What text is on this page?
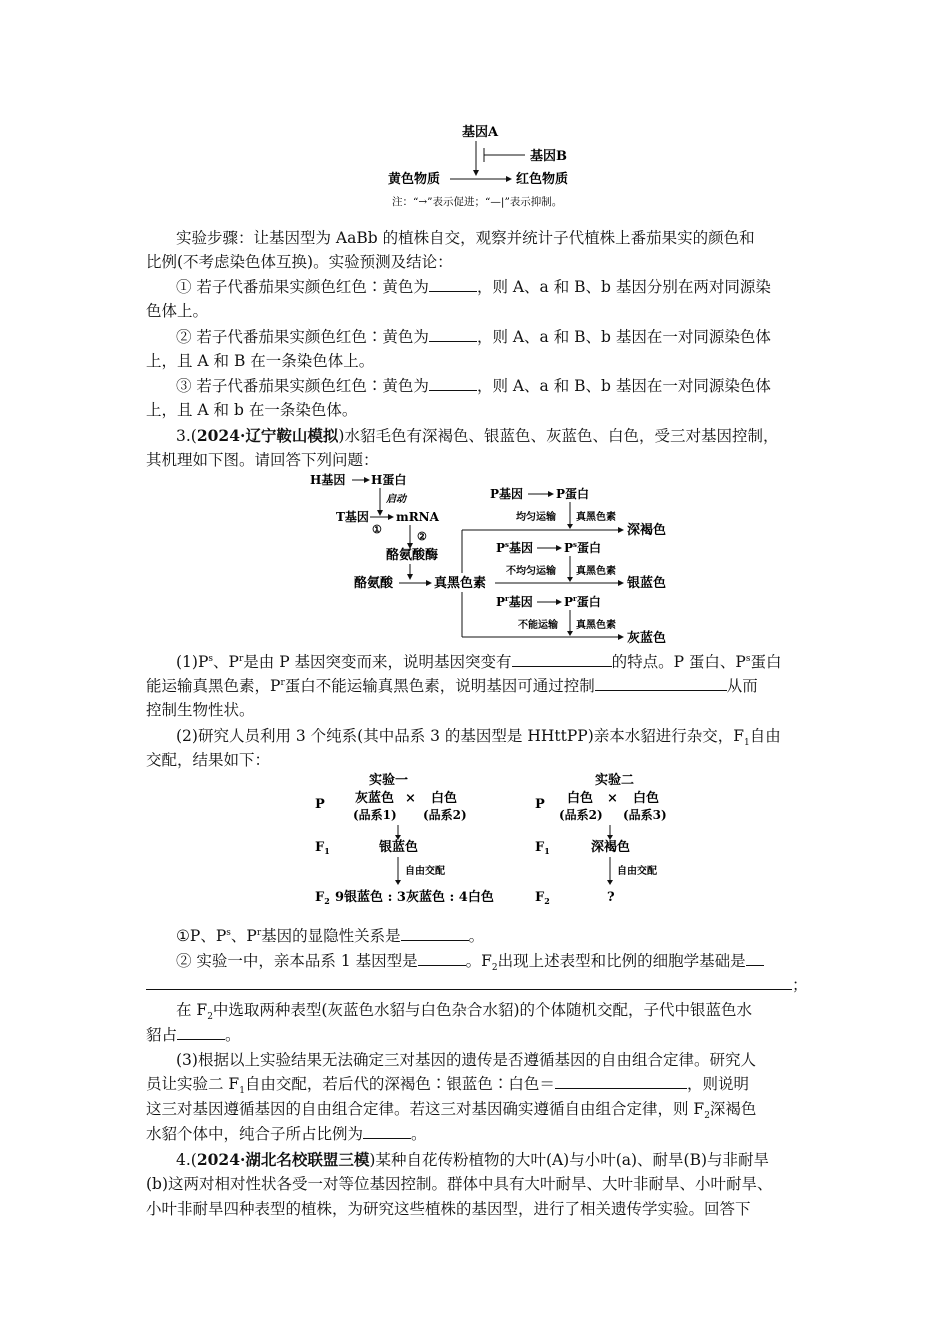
基因A
基因B
黄色物质	红色物质
注：“→”表示促进；“—|”表示抑制。
实验步骤：让基因型为 AaBb 的植株自交，观察并统计子代植株上番茄果实的颜色和
比例(不考虑染色体互换)。实验预测及结论：
① 若子代番茄果实颜色红色∶黄色为	，则 A、a 和 B、b 基因分别在两对同源染
色体上。
② 若子代番茄果实颜色红色∶黄色为	，则 A、a 和 B、b 基因在一对同源染色体
上，且 A 和 B 在一条染色体上。
③ 若子代番茄果实颜色红色∶黄色为	，则 A、a 和 B、b 基因在一对同源染色体
上，且 A 和 b 在一条染色体。
3.(2024·辽宁鞍山模拟)水貂毛色有深褐色、银蓝色、灰蓝色、白色，受三对基因控制，
其机理如下图。请回答下列问题：
H基因 H蛋白
启动
T基因
①
mRNA
②
酪氨酸酶
酪氨酸	真黑色素
P基因	P蛋白
均匀运输 真黑色素
深褐色
$P^s$基因	$P^s$蛋白
不均匀运输 真黑色素
银蓝色
$P^r$基因	$P^r$蛋白
不能运输 真黑色素
灰蓝色
$(1)P^s$、$P^r$是由 P 基因突变而来，说明基因突变有	的特点。P 蛋白、$P^s$蛋白
能运输真黑色素，$P^r$蛋白不能运输真黑色素，说明基因可通过控制	从而
控制生物性状。
(2)研究人员利用 3 个纯系(其中品系 3 的基因型是 HHttPP)亲本水貂进行杂交，$F_1$自由
交配，结果如下：
实验一
P 灰蓝色 × 白色
(品系1) (品系2)
$F_1$	银蓝色
自由交配
$F_2$ 9银蓝色 : 3灰蓝色 : 4白色
实验二
P 白色 × 白色
(品系2) (品系3)
$F_1$	深褐色
自由交配
$F_2$	?
①P、$P^s$、$P^r$基因的显隐性关系是	。
② 实验一中，亲本品系 1 基因型是	。$F_2$出现上述表型和比例的细胞学基础是
；
在 $F_2$中选取两种表型(灰蓝色水貂与白色杂合水貂)的个体随机交配，子代中银蓝色水
貂占	。
(3)根据以上实验结果无法确定三对基因的遗传是否遵循基因的自由组合定律。研究人
员让实验二 $F_1$自由交配，若后代的深褐色∶银蓝色∶白色＝	，则说明
这三对基因遵循基因的自由组合定律。若这三对基因确实遵循自由组合定律，则 $F_2$深褐色
水貂个体中，纯合子所占比例为	。
4.(2024·湖北名校联盟三模)某种自花传粉植物的大叶(A)与小叶(a)、耐旱(B)与非耐旱
(b)这两对相对性状各受一对等位基因控制。群体中具有大叶耐旱、大叶非耐旱、小叶耐旱、
小叶非耐旱四种表型的植株，为研究这些植株的基因型，进行了相关遗传学实验。回答下
